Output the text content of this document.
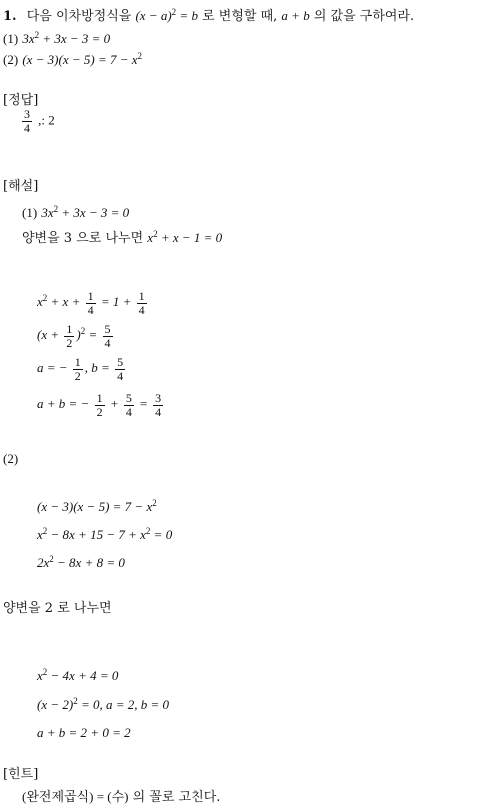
1. 다음 이차방정식을 $(x - a)^2 = b$ 로 변형할 때, a + b 의 값을 구하여라.
(1) $3x^2 + 3x - 3 = 0$
(2) $(x - 3)(x - 5) = 7 - x^2$
[정답]
$\frac{3}{4}$ ,: 2
[해설]
(1) $3x^2 + 3x - 3 = 0$
양변을 3 으로 나누면 $x^2 + x - 1 = 0$
$x^2 + x + \frac{1}{4} = 1 + \frac{1}{4}$
$(x + \frac{1}{2} )^2 = \frac{5}{4}$
a = − $\frac{1}{2}$ , $b = \frac{5}{4}$
a + b = − $\frac{1}{2} + \frac{5}{4} = \frac{3}{4}$
(2)
$(x - 3)(x - 5) = 7 - x^2$
$x^2 - 8x + 15 - 7 + x^2 = 0$
$2x^2 - 8x + 8 = 0$
양변을 2 로 나누면
$x^2 - 4x + 4 = 0$
$(x - 2)^2 = 0$, a = 2, b = 0
a + b = 2 + 0 = 2
[힌트]
(완전제곱식) = (수) 의 꼴로 고친다.
